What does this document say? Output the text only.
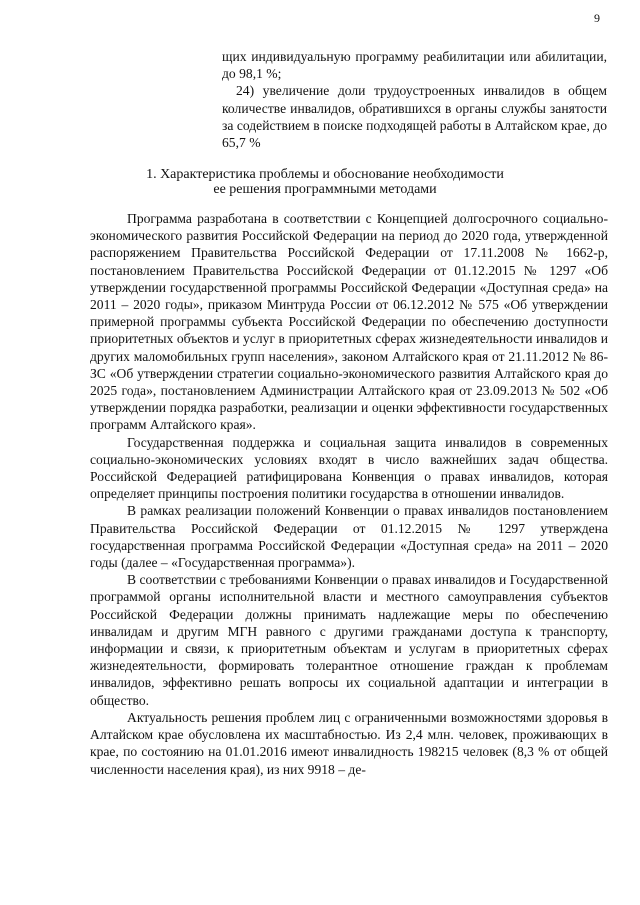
9

щих индивидуальную программу реабилитации или абилитации, до 98,1 %;

24) увеличение доли трудоустроенных инвалидов в общем количестве инвалидов, обратившихся в органы службы занятости за содействием в поиске подходящей работы в Алтайском крае, до 65,7 %

1. Характеристика проблемы и обоснование необходимости
ее решения программными методами

Программа разработана в соответствии с Концепцией долгосрочного социально-экономического развития Российской Федерации на период до 2020 года, утвержденной распоряжением Правительства Российской Федерации от 17.11.2008 № 1662-р, постановлением Правительства Российской Федерации от 01.12.2015 № 1297 «Об утверждении государственной программы Российской Федерации «Доступная среда» на 2011 – 2020 годы», приказом Минтруда России от 06.12.2012 № 575 «Об утверждении примерной программы субъекта Российской Федерации по обеспечению доступности приоритетных объектов и услуг в приоритетных сферах жизнедеятельности инвалидов и других маломобильных групп населения», законом Алтайского края от 21.11.2012 № 86-ЗС «Об утверждении стратегии социально-экономического развития Алтайского края до 2025 года», постановлением Администрации Алтайского края от 23.09.2013 № 502 «Об утверждении порядка разработки, реализации и оценки эффективности государственных программ Алтайского края».

Государственная поддержка и социальная защита инвалидов в современных социально-экономических условиях входят в число важнейших задач общества. Российской Федерацией ратифицирована Конвенция о правах инвалидов, которая определяет принципы построения политики государства в отношении инвалидов.

В рамках реализации положений Конвенции о правах инвалидов постановлением Правительства Российской Федерации от 01.12.2015 № 1297 утверждена государственная программа Российской Федерации «Доступная среда» на 2011 – 2020 годы (далее – «Государственная программа»).

В соответствии с требованиями Конвенции о правах инвалидов и Государственной программой органы исполнительной власти и местного самоуправления субъектов Российской Федерации должны принимать надлежащие меры по обеспечению инвалидам и другим МГН равного с другими гражданами доступа к транспорту, информации и связи, к приоритетным объектам и услугам в приоритетных сферах жизнедеятельности, формировать толерантное отношение граждан к проблемам инвалидов, эффективно решать вопросы их социальной адаптации и интеграции в общество.

Актуальность решения проблем лиц с ограниченными возможностями здоровья в Алтайском крае обусловлена их масштабностью. Из 2,4 млн. человек, проживающих в крае, по состоянию на 01.01.2016 имеют инвалидность 198215 человек (8,3 % от общей численности населения края), из них 9918 – де-
